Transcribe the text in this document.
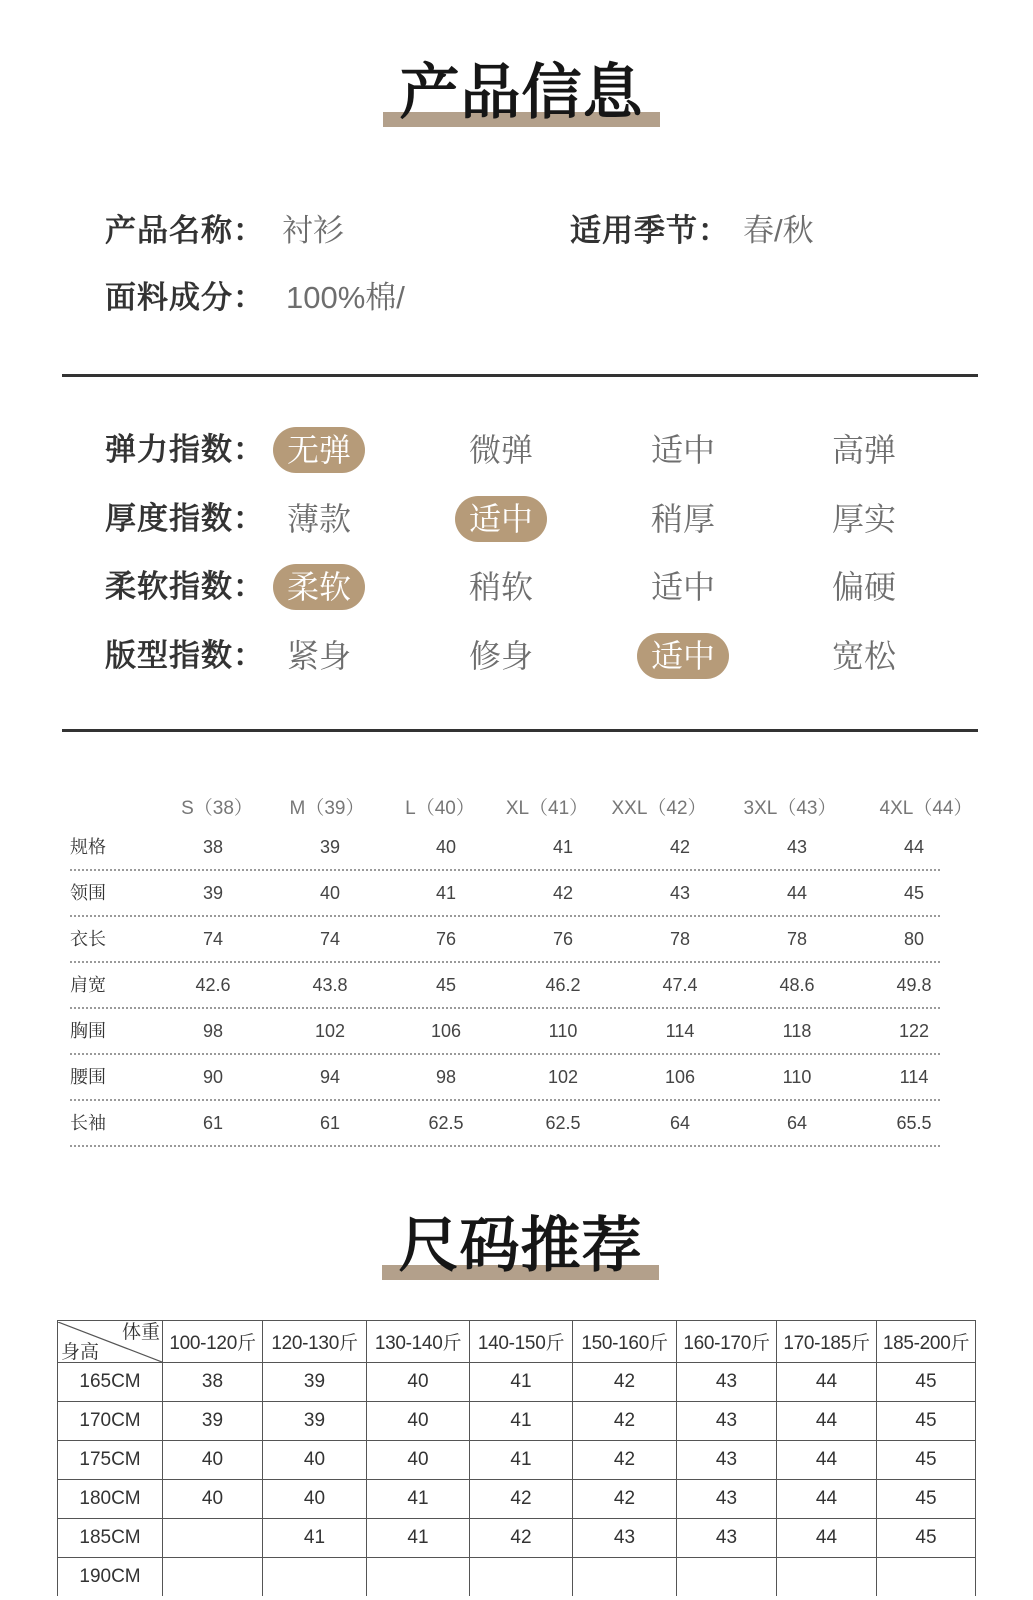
产品信息
产品名称： 衬衫	适用季节： 春/秋
面料成分： 100%棉/
弹力指数： 无弹	微弹	适中	高弹
厚度指数： 薄款	适中	稍厚	厚实
柔软指数： 柔软	稍软	适中	偏硬
版型指数： 紧身	修身	适中	宽松
S（38）	M（39）	L（40）	XL（41）	XXL（42）	3XL（43）	4XL（44）
规格	38	39	40	41	42	43	44
领围	39	40	41	42	43	44	45
衣长	74	74	76	76	78	78	80
肩宽	42.6	43.8	45	46.2	47.4	48.6	49.8
胸围	98	102	106	110	114	118	122
腰围	90	94	98	102	106	110	114
长袖	61	61	62.5	62.5	64	64	65.5
尺码推荐
体重
身高	100-120斤	120-130斤	130-140斤	140-150斤	150-160斤	160-170斤	170-185斤	185-200斤
165CM	38	39	40	41	42	43	44	45
170CM	39	39	40	41	42	43	44	45
175CM	40	40	40	41	42	43	44	45
180CM	40	40	41	42	42	43	44	45
185CM		41	41	42	43	43	44	45
190CM								
